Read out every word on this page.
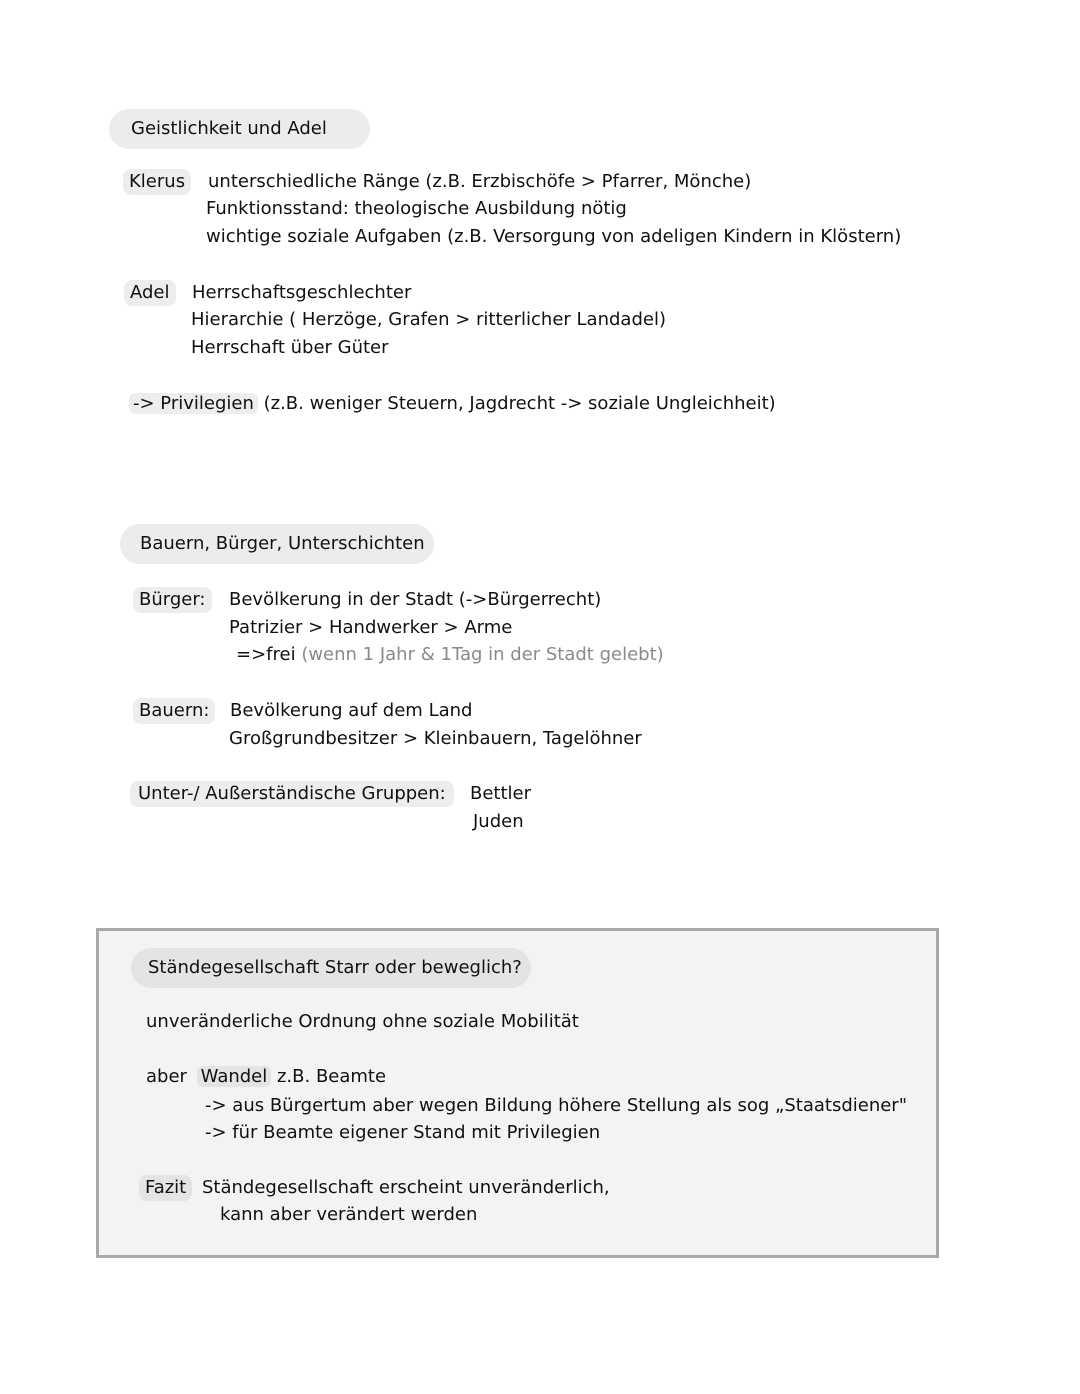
Geistlichkeit und Adel
Klerus	unterschiedliche Ränge (z.B. Erzbischöfe > Pfarrer, Mönche)
Funktionsstand: theologische Ausbildung nötig
wichtige soziale Aufgaben (z.B. Versorgung von adeligen Kindern in Klöstern)
Adel	Herrschaftsgeschlechter
Hierarchie ( Herzöge, Grafen > ritterlicher Landadel)
Herrschaft über Güter
-> Privilegien (z.B. weniger Steuern, Jagdrecht -> soziale Ungleichheit)
Bauern, Bürger, Unterschichten
Bürger:	Bevölkerung in der Stadt (->Bürgerrecht)
Patrizier > Handwerker > Arme
=>frei (wenn 1 Jahr & 1Tag in der Stadt gelebt)
Bauern:	Bevölkerung auf dem Land
Großgrundbesitzer > Kleinbauern, Tagelöhner
Unter-/ Außerständische Gruppen:	Bettler
Juden
Ständegesellschaft Starr oder beweglich?
unveränderliche Ordnung ohne soziale Mobilität
aber Wandel z.B. Beamte
-> aus Bürgertum aber wegen Bildung höhere Stellung als sog „Staatsdiener"
-> für Beamte eigener Stand mit Privilegien
Fazit Ständegesellschaft erscheint unveränderlich,
kann aber verändert werden
